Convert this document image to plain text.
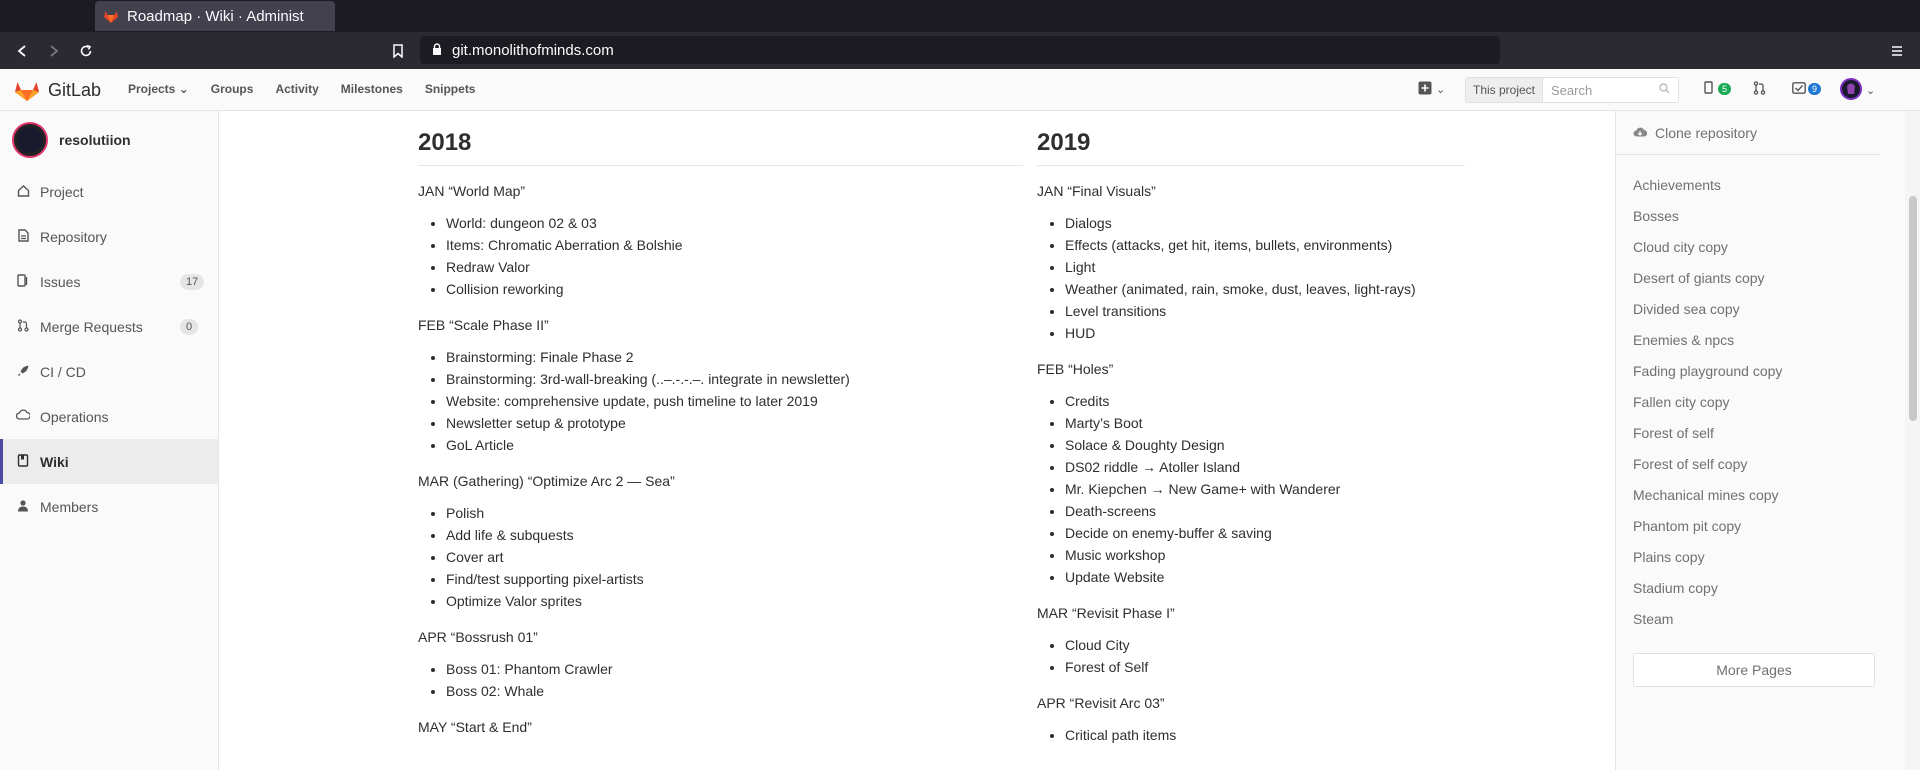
Roadmap · Wiki · Administ
git.monolithofminds.com
GitLab Projects ⌄ Groups Activity Milestones Snippets	⌄	This project	Search	5	9	⌄
resolutiion
Project
Repository
Issues	17
Merge Requests	0
CI / CD
Operations
Wiki
Members
2018

JAN “World Map”

• World: dungeon 02 & 03
• Items: Chromatic Aberration & Bolshie
• Redraw Valor
• Collision reworking

FEB “Scale Phase II”

• Brainstorming: Finale Phase 2
• Brainstorming: 3rd-wall-breaking (..–.-.-.–. integrate in newsletter)
• Website: comprehensive update, push timeline to later 2019
• Newsletter setup & prototype
• GoL Article

MAR (Gathering) “Optimize Arc 2 — Sea”

• Polish
• Add life & subquests
• Cover art
• Find/test supporting pixel-artists
• Optimize Valor sprites

APR “Bossrush 01”

• Boss 01: Phantom Crawler
• Boss 02: Whale

MAY “Start & End”

2019

JAN “Final Visuals”

• Dialogs
• Effects (attacks, get hit, items, bullets, environments)
• Light
• Weather (animated, rain, smoke, dust, leaves, light-rays)
• Level transitions
• HUD

FEB “Holes”

• Credits
• Marty’s Boot
• Solace & Doughty Design
• DS02 riddle → Atoller Island
• Mr. Kiepchen → New Game+ with Wanderer
• Death-screens
• Decide on enemy-buffer & saving
• Music workshop
• Update Website

MAR “Revisit Phase I”

• Cloud City
• Forest of Self

APR “Revisit Arc 03”

• Critical path items
Clone repository
Achievements
Bosses
Cloud city copy
Desert of giants copy
Divided sea copy
Enemies & npcs
Fading playground copy
Fallen city copy
Forest of self
Forest of self copy
Mechanical mines copy
Phantom pit copy
Plains copy
Stadium copy
Steam
More Pages
